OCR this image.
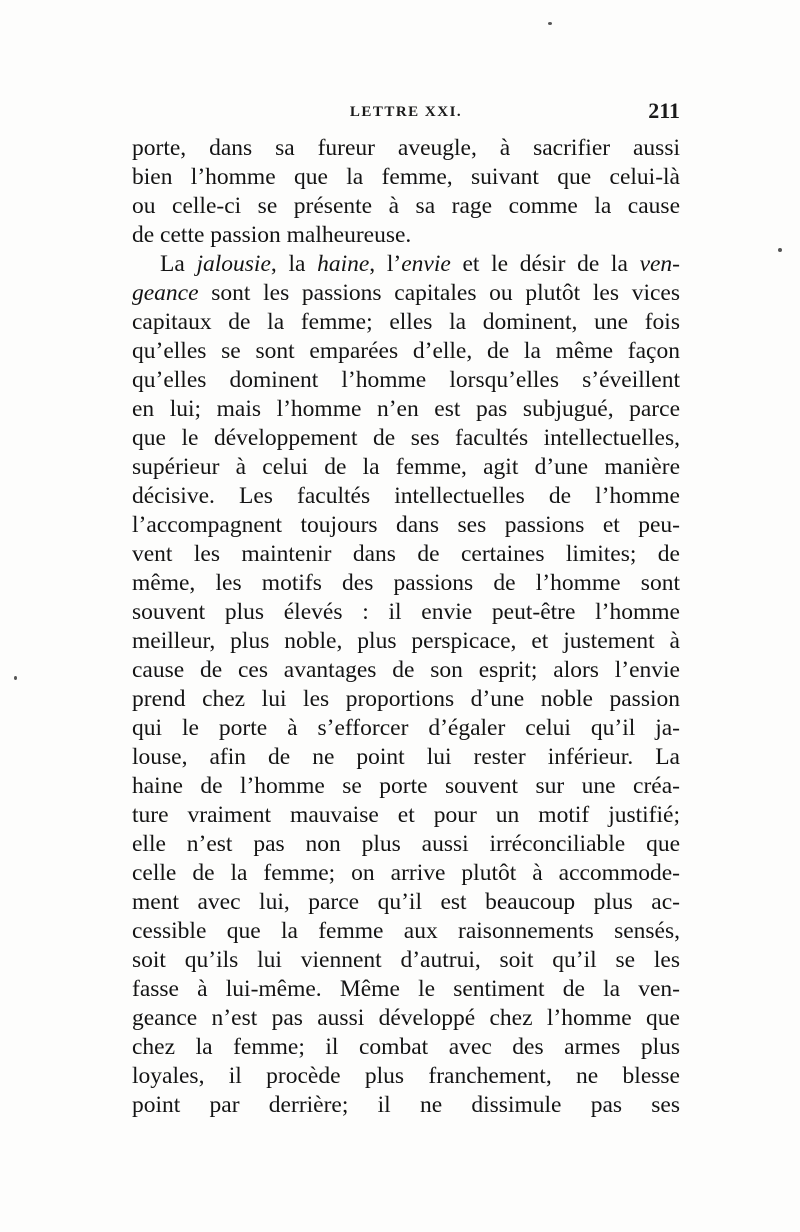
LETTRE XXI.	211
porte, dans sa fureur aveugle, à sacrifier aussi
bien l’homme que la femme, suivant que celui-là
ou celle-ci se présente à sa rage comme la cause
de cette passion malheureuse.
La jalousie, la haine, l’envie et le désir de la ven-
geance sont les passions capitales ou plutôt les vices
capitaux de la femme; elles la dominent, une fois
qu’elles se sont emparées d’elle, de la même façon
qu’elles dominent l’homme lorsqu’elles s’éveillent
en lui; mais l’homme n’en est pas subjugué, parce
que le développement de ses facultés intellectuelles,
supérieur à celui de la femme, agit d’une manière
décisive. Les facultés intellectuelles de l’homme
l’accompagnent toujours dans ses passions et peu-
vent les maintenir dans de certaines limites; de
même, les motifs des passions de l’homme sont
souvent plus élevés : il envie peut-être l’homme
meilleur, plus noble, plus perspicace, et justement à
cause de ces avantages de son esprit; alors l’envie
prend chez lui les proportions d’une noble passion
qui le porte à s’efforcer d’égaler celui qu’il ja-
louse, afin de ne point lui rester inférieur. La
haine de l’homme se porte souvent sur une créa-
ture vraiment mauvaise et pour un motif justifié;
elle n’est pas non plus aussi irréconciliable que
celle de la femme; on arrive plutôt à accommode-
ment avec lui, parce qu’il est beaucoup plus ac-
cessible que la femme aux raisonnements sensés,
soit qu’ils lui viennent d’autrui, soit qu’il se les
fasse à lui-même. Même le sentiment de la ven-
geance n’est pas aussi développé chez l’homme que
chez la femme; il combat avec des armes plus
loyales, il procède plus franchement, ne blesse
point par derrière; il ne dissimule pas ses
